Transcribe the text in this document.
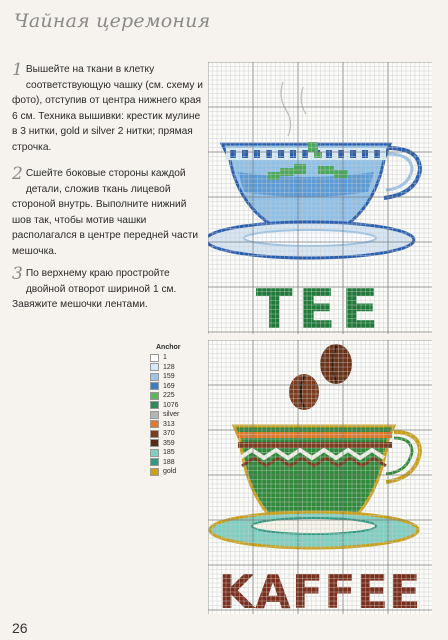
Чайная церемония
1 Вышейте на ткани в клетку соответствующую чашку (см. схему и фото), отступив от центра нижнего края 6 см. Техника вышивки: крестик мулине в 3 нитки, gold и silver 2 нитки; прямая строчка.
2 Сшейте боковые стороны каждой детали, сложив ткань лицевой стороной внутрь. Выполните нижний шов так, чтобы мотив чашки располагался в центре передней части мешочка.
3 По верхнему краю простройте двойной отворот шириной 1 см. Завяжите мешочки лентами.	TEE
KAFFEE
Anchor
1
128
159
169
225
1076
silver
313
370
359
185
188
gold
26
